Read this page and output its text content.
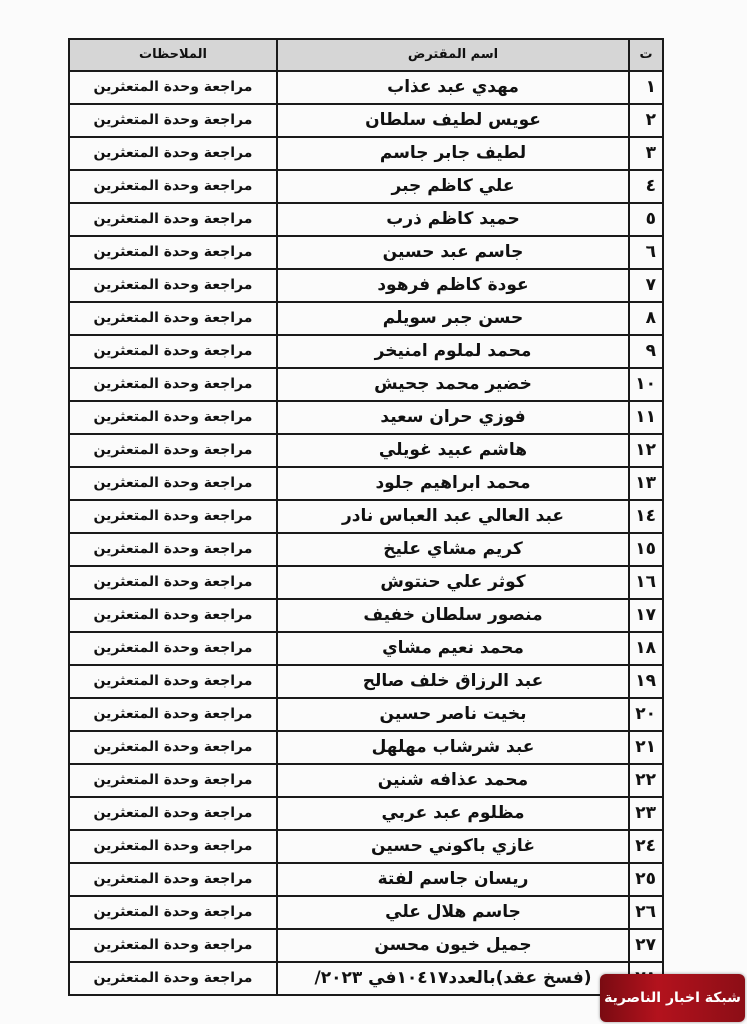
ت	اسم المقترض	الملاحظات
١	مهدي عبد عذاب	مراجعة وحدة المتعثرين
٢	عويس لطيف سلطان	مراجعة وحدة المتعثرين
٣	لطيف جابر جاسم	مراجعة وحدة المتعثرين
٤	علي كاظم جبر	مراجعة وحدة المتعثرين
٥	حميد كاظم ذرب	مراجعة وحدة المتعثرين
٦	جاسم عبد حسين	مراجعة وحدة المتعثرين
٧	عودة كاظم فرهود	مراجعة وحدة المتعثرين
٨	حسن جبر سويلم	مراجعة وحدة المتعثرين
٩	محمد لملوم امنيخر	مراجعة وحدة المتعثرين
١٠	خضير محمد جحيش	مراجعة وحدة المتعثرين
١١	فوزي حران سعيد	مراجعة وحدة المتعثرين
١٢	هاشم عبيد غويلي	مراجعة وحدة المتعثرين
١٣	محمد ابراهيم جلود	مراجعة وحدة المتعثرين
١٤	عبد العالي عبد العباس نادر	مراجعة وحدة المتعثرين
١٥	كريم مشاي عليخ	مراجعة وحدة المتعثرين
١٦	كوثر علي حنتوش	مراجعة وحدة المتعثرين
١٧	منصور سلطان خفيف	مراجعة وحدة المتعثرين
١٨	محمد نعيم مشاي	مراجعة وحدة المتعثرين
١٩	عبد الرزاق خلف صالح	مراجعة وحدة المتعثرين
٢٠	بخيت ناصر حسين	مراجعة وحدة المتعثرين
٢١	عبد شرشاب مهلهل	مراجعة وحدة المتعثرين
٢٢	محمد عذافه شنين	مراجعة وحدة المتعثرين
٢٣	مظلوم عبد عربي	مراجعة وحدة المتعثرين
٢٤	غازي باكوني حسين	مراجعة وحدة المتعثرين
٢٥	ريسان جاسم لفتة	مراجعة وحدة المتعثرين
٢٦	جاسم هلال علي	مراجعة وحدة المتعثرين
٢٧	جميل خيون محسن	مراجعة وحدة المتعثرين
	(فسخ عقد)بالعدد١٠٤١٧في ٢٠٢٣/	مراجعة وحدة المتعثرين
شبكة اخبار الناصرية
